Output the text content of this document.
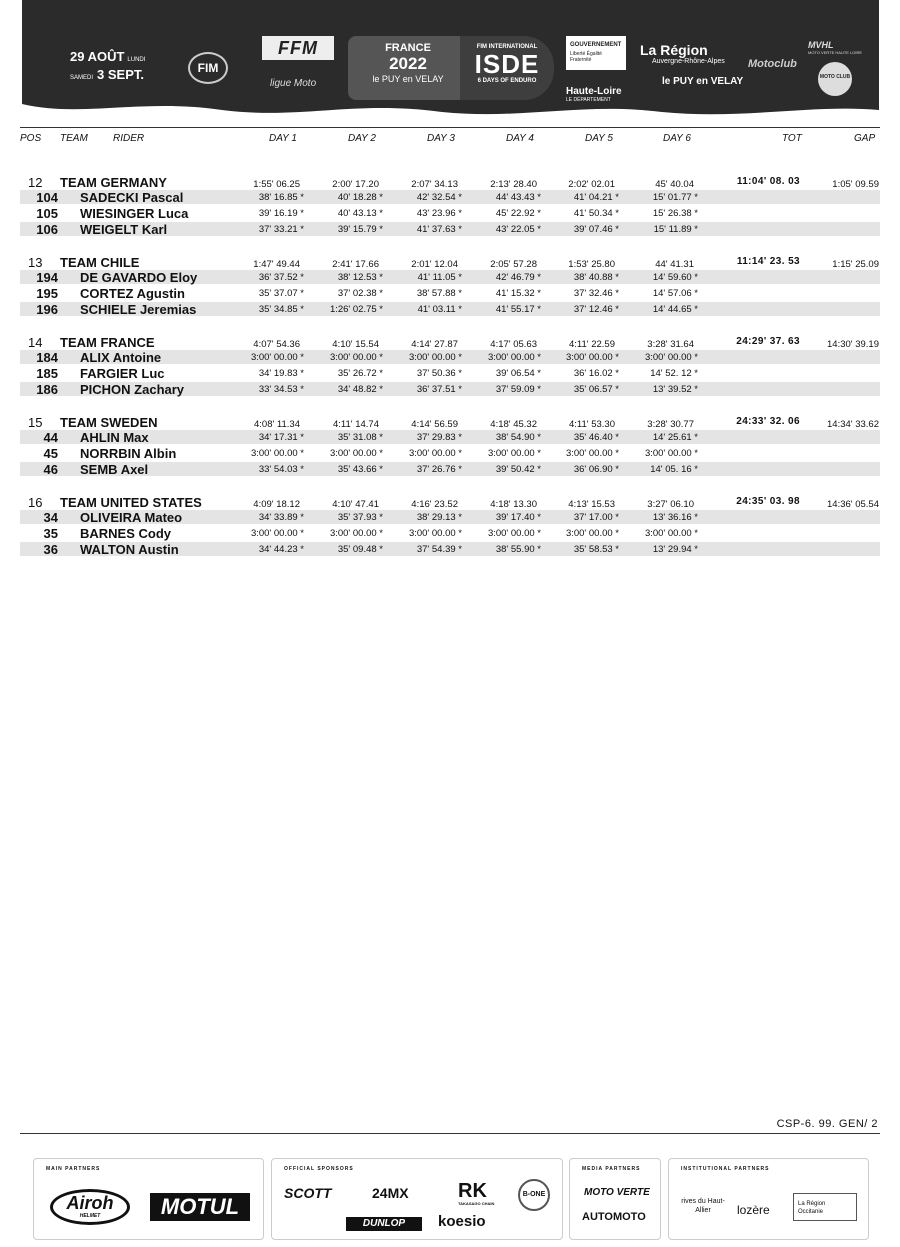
29 AOÛT LUNDI
SAMEDI 3 SEPT.	FIM
FFM
ligue Moto
FRANCE
2022
le PUY en VELAY
FIM INTERNATIONAL
ISDE
6 DAYS OF ENDURO
GOUVERNEMENT
Liberté Égalité Fraternité
Haute-Loire
LE DÉPARTEMENT
La Région
Auvergne-Rhône-Alpes
le PUY en VELAY
Motoclub
MVHL
MOTO VERTE HAUTE LOIRE
MOTO CLUB
POS TEAM	RIDER	DAY 1	DAY 2	DAY 3	DAY 4	DAY 5	DAY 6	TOT	GAP
12 TEAM GERMANY	1:55' 06.25	2:00' 17.20	2:07' 34.13	2:13' 28.40	2:02' 02.01	45' 40.04	11:04' 08. 03	1:05' 09.59
104 SADECKI Pascal	38' 16.85 *	40' 18.28 *	42' 32.54 *	44' 43.43 *	41' 04.21 *	15' 01.77 *
105 WIESINGER Luca	39' 16.19 *	40' 43.13 *	43' 23.96 *	45' 22.92 *	41' 50.34 *	15' 26.38 *
106 WEIGELT Karl	37' 33.21 *	39' 15.79 *	41' 37.63 *	43' 22.05 *	39' 07.46 *	15' 11.89 *
13 TEAM CHILE	1:47' 49.44	2:41' 17.66	2:01' 12.04	2:05' 57.28	1:53' 25.80	44' 41.31	11:14' 23. 53	1:15' 25.09
194 DE GAVARDO Eloy	36' 37.52 *	38' 12.53 *	41' 11.05 *	42' 46.79 *	38' 40.88 *	14' 59.60 *
195 CORTEZ Agustin	35' 37.07 *	37' 02.38 *	38' 57.88 *	41' 15.32 *	37' 32.46 *	14' 57.06 *
196 SCHIELE Jeremias	35' 34.85 *	1:26' 02.75 *	41' 03.11 *	41' 55.17 *	37' 12.46 *	14' 44.65 *
14 TEAM FRANCE	4:07' 54.36	4:10' 15.54	4:14' 27.87	4:17' 05.63	4:11' 22.59	3:28' 31.64	24:29' 37. 63	14:30' 39.19
184 ALIX Antoine	3:00' 00.00 *	3:00' 00.00 *	3:00' 00.00 *	3:00' 00.00 *	3:00' 00.00 *	3:00' 00.00 *
185 FARGIER Luc	34' 19.83 *	35' 26.72 *	37' 50.36 *	39' 06.54 *	36' 16.02 *	14' 52. 12 *
186 PICHON Zachary	33' 34.53 *	34' 48.82 *	36' 37.51 *	37' 59.09 *	35' 06.57 *	13' 39.52 *
15 TEAM SWEDEN	4:08' 11.34	4:11' 14.74	4:14' 56.59	4:18' 45.32	4:11' 53.30	3:28' 30.77	24:33' 32. 06	14:34' 33.62
44 AHLIN Max	34' 17.31 *	35' 31.08 *	37' 29.83 *	38' 54.90 *	35' 46.40 *	14' 25.61 *
45 NORRBIN Albin	3:00' 00.00 *	3:00' 00.00 *	3:00' 00.00 *	3:00' 00.00 *	3:00' 00.00 *	3:00' 00.00 *
46 SEMB Axel	33' 54.03 *	35' 43.66 *	37' 26.76 *	39' 50.42 *	36' 06.90 *	14' 05. 16 *
16 TEAM UNITED STATES	4:09' 18.12	4:10' 47.41	4:16' 23.52	4:18' 13.30	4:13' 15.53	3:27' 06.10	24:35' 03. 98	14:36' 05.54
34 OLIVEIRA Mateo	34' 33.89 *	35' 37.93 *	38' 29.13 *	39' 17.40 *	37' 17.00 *	13' 36.16 *
35 BARNES Cody	3:00' 00.00 *	3:00' 00.00 *	3:00' 00.00 *	3:00' 00.00 *	3:00' 00.00 *	3:00' 00.00 *
36 WALTON Austin	34' 44.23 *	35' 09.48 *	37' 54.39 *	38' 55.90 *	35' 58.53 *	13' 29.94 *
CSP-6. 99. GEN/ 2
MAIN PARTNERS
Airoh
HELMET	MOTUL
OFFICIAL SPONSORS
SCOTT	24MX RK
TAKASAGO CHAIN
B-ONE
DUNLOP	koesio
MEDIA PARTNERS
MOTO VERTE
AUTOMOTO
INSTITUTIONAL PARTNERS
rives du Haut-Allier	lozère	La Région Occitanie
